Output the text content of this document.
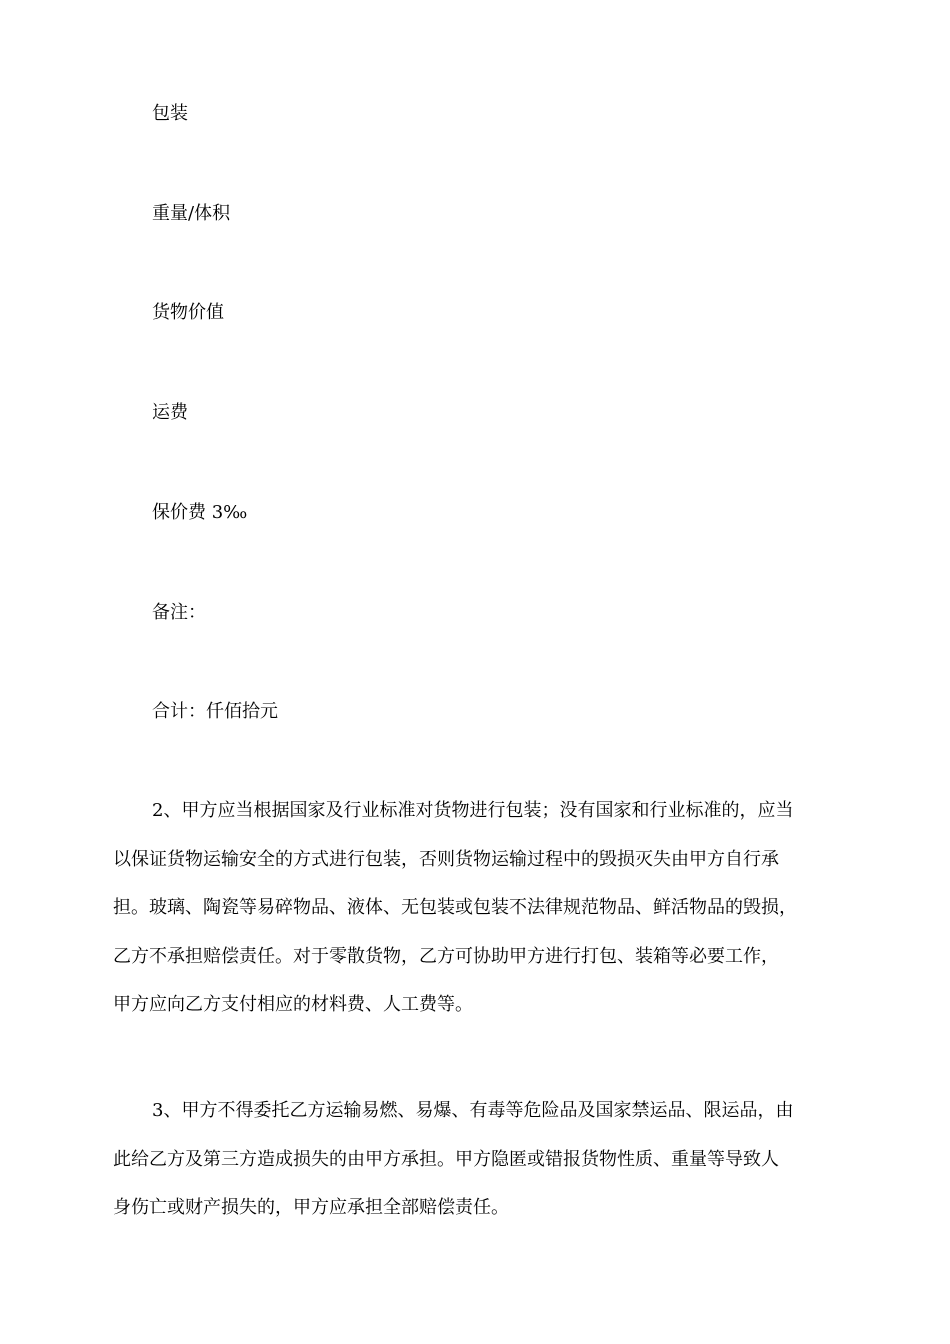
包装
重量/体积
货物价值
运费
保价费 3‰
备注：
合计：仟佰拾元

2、甲方应当根据国家及行业标准对货物进行包装；没有国家和行业标准的，应当
以保证货物运输安全的方式进行包装，否则货物运输过程中的毁损灭失由甲方自行承
担。玻璃、陶瓷等易碎物品、液体、无包装或包装不法律规范物品、鲜活物品的毁损，
乙方不承担赔偿责任。对于零散货物，乙方可协助甲方进行打包、装箱等必要工作，
甲方应向乙方支付相应的材料费、人工费等。

3、甲方不得委托乙方运输易燃、易爆、有毒等危险品及国家禁运品、限运品，由
此给乙方及第三方造成损失的由甲方承担。甲方隐匿或错报货物性质、重量等导致人
身伤亡或财产损失的，甲方应承担全部赔偿责任。
